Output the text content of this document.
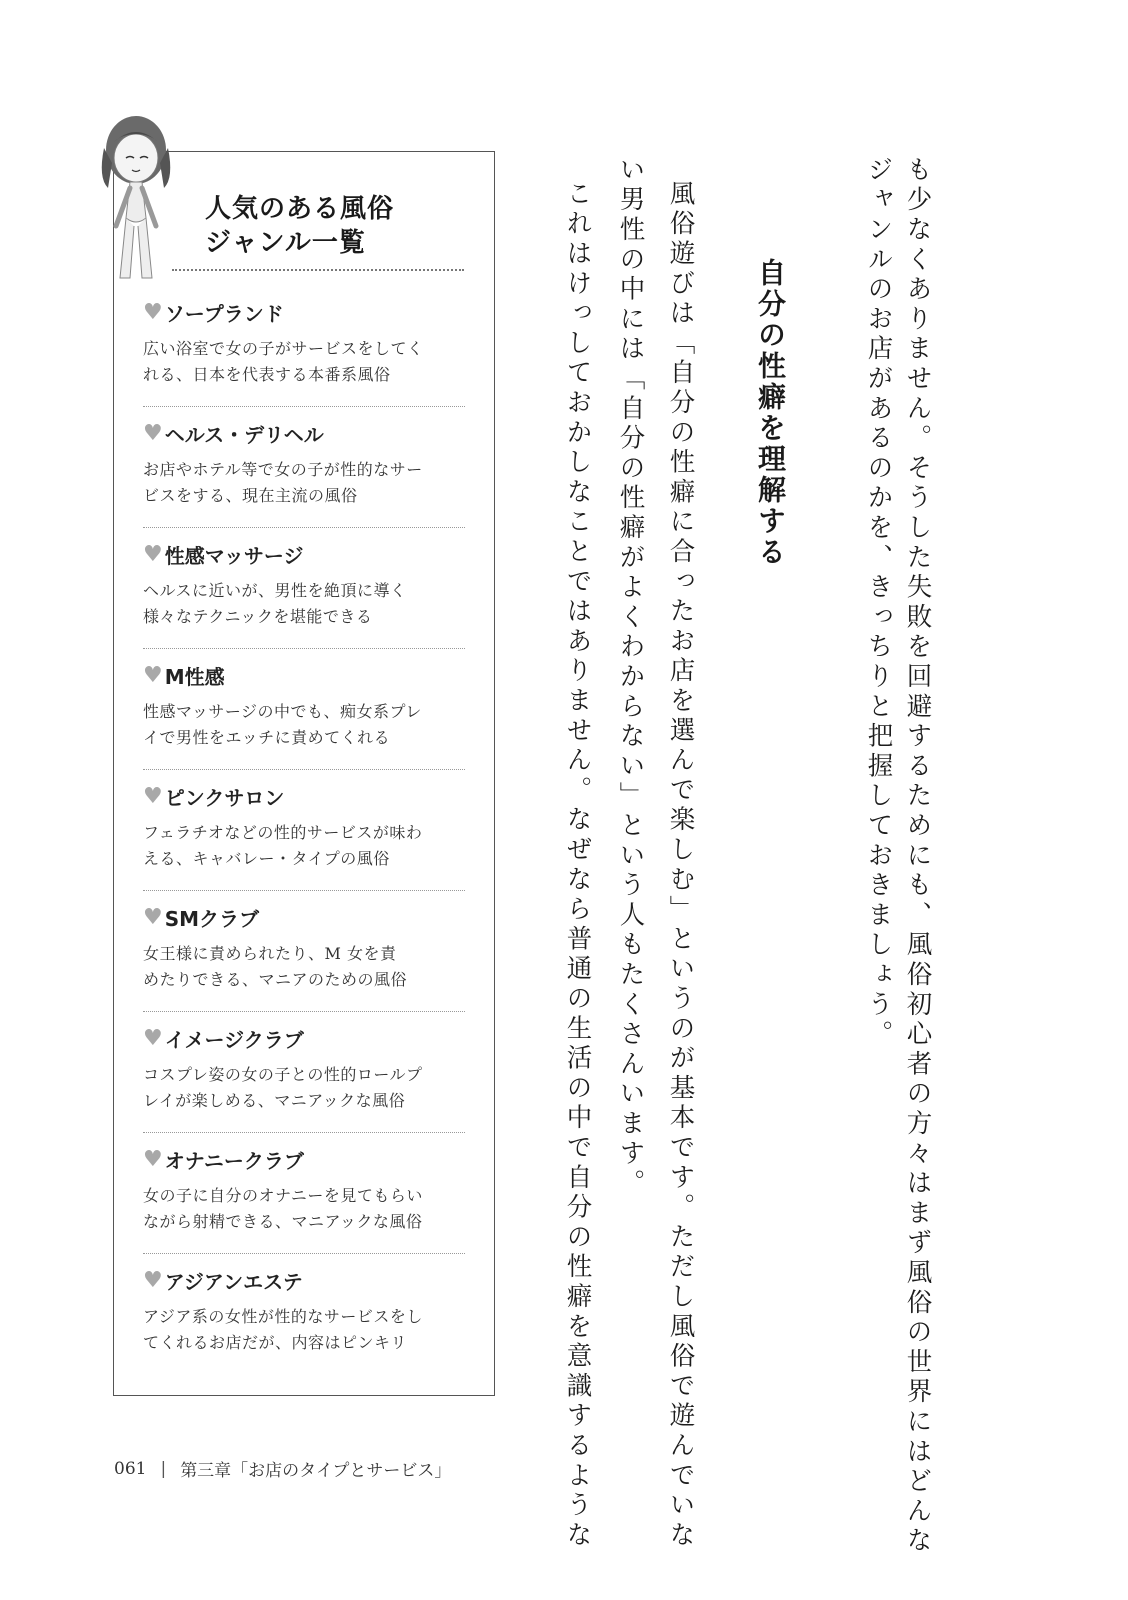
も少なくありません。そうした失敗を回避するためにも、風俗初心者の方々はまず風俗の世界にはどんな
ジャンルのお店があるのかを、きっちりと把握しておきましょう。
自分の性癖を理解する
風俗遊びは「自分の性癖に合ったお店を選んで楽しむ」というのが基本です。ただし風俗で遊んでいな
い男性の中には「自分の性癖がよくわからない」という人もたくさんいます。
これはけっしておかしなことではありません。なぜなら普通の生活の中で自分の性癖を意識するような
人気のある風俗
ジャンル一覧
♥ ソープランド

広い浴室で女の子がサービスをしてく
れる、日本を代表する本番系風俗

♥ ヘルス・デリヘル

お店やホテル等で女の子が性的なサー
ビスをする、現在主流の風俗

♥ 性感マッサージ

ヘルスに近いが、男性を絶頂に導く
様々なテクニックを堪能できる

♥ M性感

性感マッサージの中でも、痴女系プレ
イで男性をエッチに責めてくれる

♥ ピンクサロン

フェラチオなどの性的サービスが味わ
える、キャバレー・タイプの風俗

♥ SMクラブ

女王様に責められたり、M 女を責
めたりできる、マニアのための風俗

♥ イメージクラブ

コスプレ姿の女の子との性的ロールプ
レイが楽しめる、マニアックな風俗

♥ オナニークラブ

女の子に自分のオナニーを見てもらい
ながら射精できる、マニアックな風俗

♥ アジアンエステ

アジア系の女性が性的なサービスをし
てくれるお店だが、内容はピンキリ

061 | 第三章「お店のタイプとサービス」
